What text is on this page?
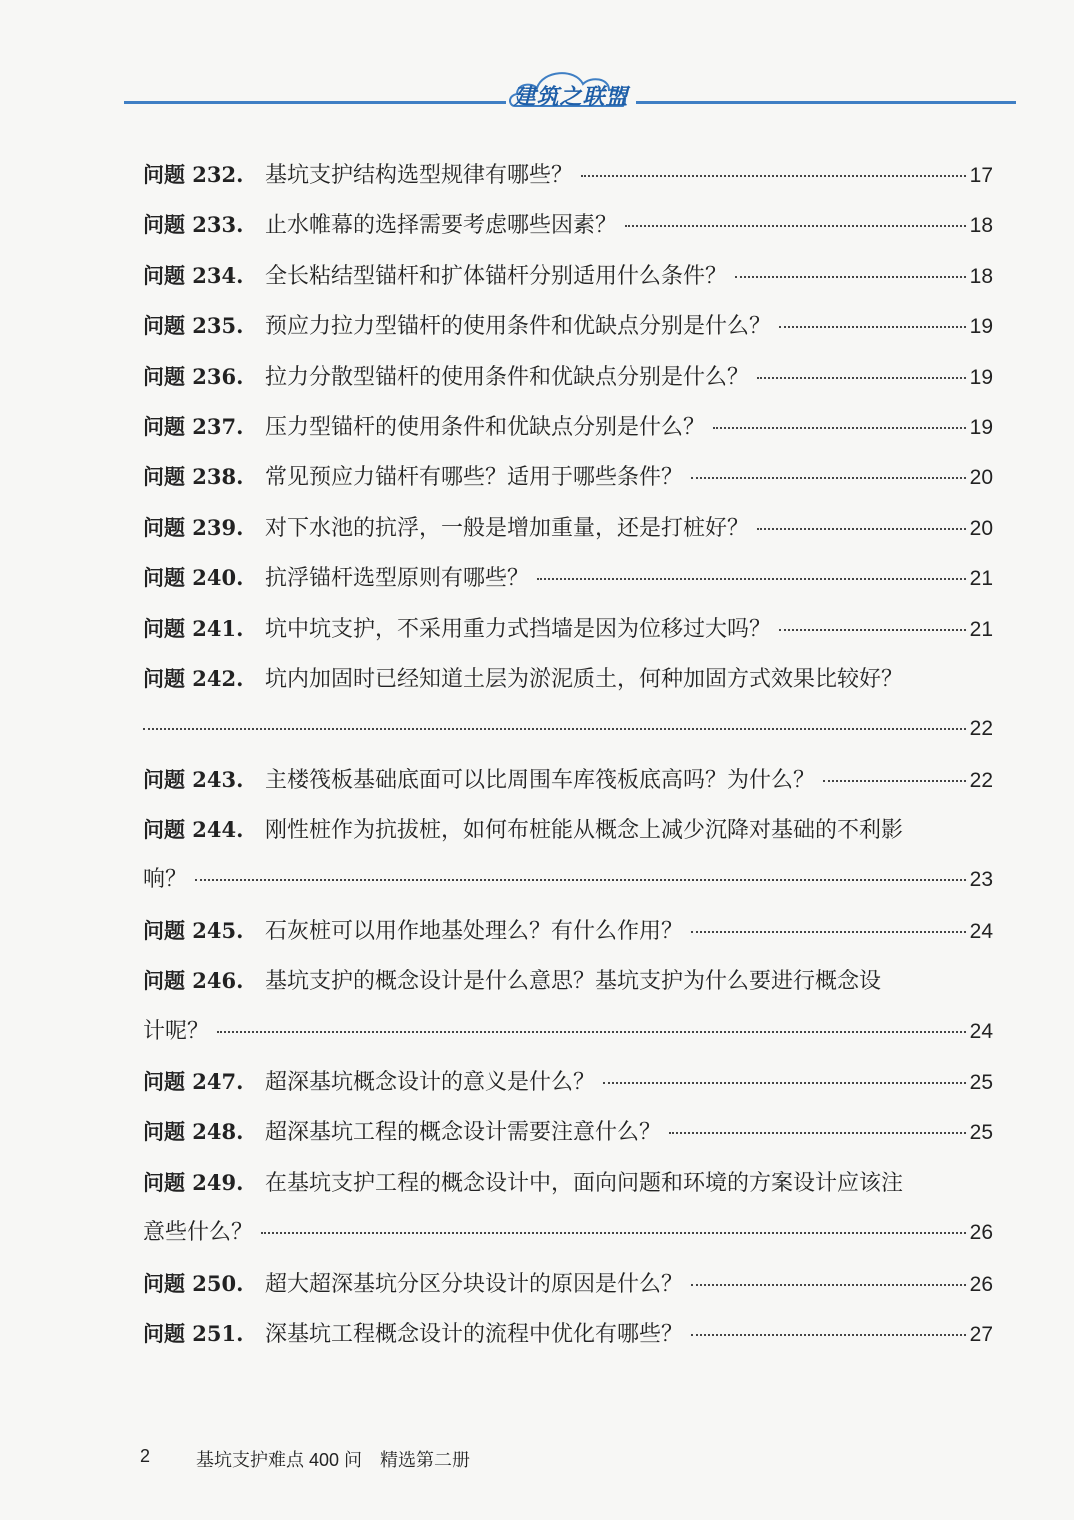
建筑之联盟
问题 232. 基坑支护结构选型规律有哪些？	17
问题 233. 止水帷幕的选择需要考虑哪些因素？	18
问题 234. 全长粘结型锚杆和扩体锚杆分别适用什么条件？	18
问题 235. 预应力拉力型锚杆的使用条件和优缺点分别是什么？	19
问题 236. 拉力分散型锚杆的使用条件和优缺点分别是什么？	19
问题 237. 压力型锚杆的使用条件和优缺点分别是什么？	19
问题 238. 常见预应力锚杆有哪些？适用于哪些条件？	20
问题 239. 对下水池的抗浮，一般是增加重量，还是打桩好？	20
问题 240. 抗浮锚杆选型原则有哪些？	21
问题 241. 坑中坑支护，不采用重力式挡墙是因为位移过大吗？	21
问题 242. 坑内加固时已经知道土层为淤泥质土，何种加固方式效果比较好？
22
问题 243. 主楼筏板基础底面可以比周围车库筏板底高吗？为什么？	22
问题 244. 刚性桩作为抗拔桩，如何布桩能从概念上减少沉降对基础的不利影
响？	23
问题 245. 石灰桩可以用作地基处理么？有什么作用？	24
问题 246. 基坑支护的概念设计是什么意思？基坑支护为什么要进行概念设
计呢？	24
问题 247. 超深基坑概念设计的意义是什么？	25
问题 248. 超深基坑工程的概念设计需要注意什么？	25
问题 249. 在基坑支护工程的概念设计中，面向问题和环境的方案设计应该注
意些什么？	26
问题 250. 超大超深基坑分区分块设计的原因是什么？	26
问题 251. 深基坑工程概念设计的流程中优化有哪些？	27
2	基坑支护难点 400 问 精选第二册
